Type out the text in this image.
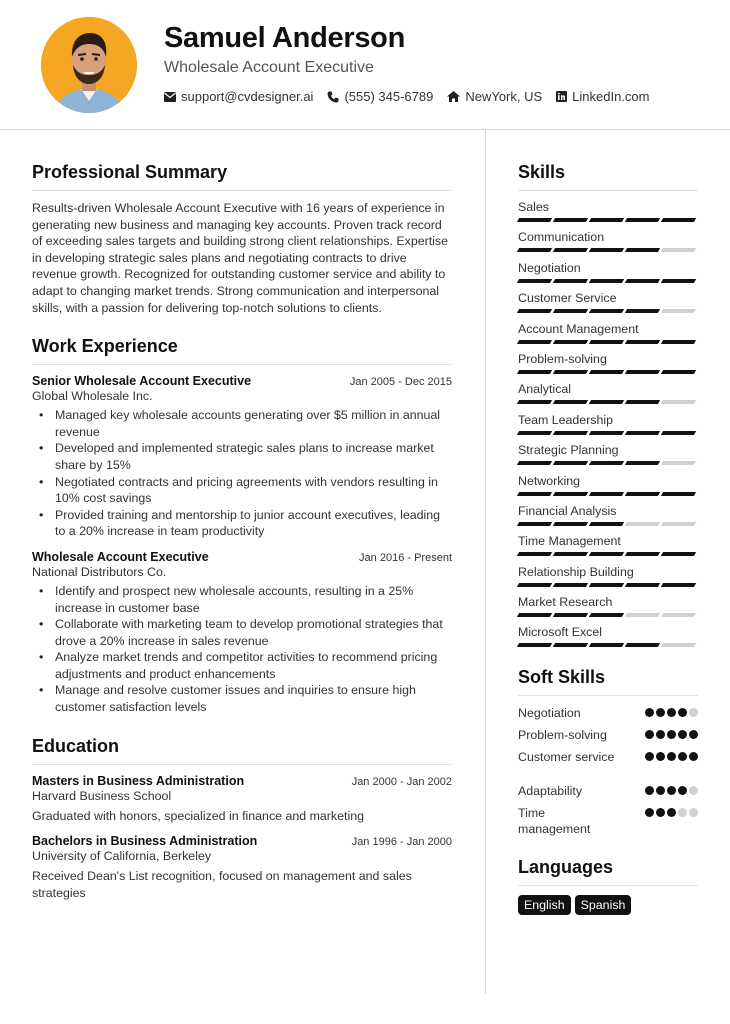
Samuel Anderson
Wholesale Account Executive
support@cvdesigner.ai (555) 345-6789 NewYork, US LinkedIn.com
Professional Summary
Results-driven Wholesale Account Executive with 16 years of experience in generating new business and managing key accounts. Proven track record of exceeding sales targets and building strong client relationships. Expertise in developing strategic sales plans and negotiating contracts to drive revenue growth. Recognized for outstanding customer service and ability to adapt to changing market trends. Strong communication and interpersonal skills, with a passion for delivering top-notch solutions to clients.
Work Experience
Senior Wholesale Account Executive	Jan 2005 - Dec 2015
Global Wholesale Inc.
• Managed key wholesale accounts generating over $5 million in annual revenue
• Developed and implemented strategic sales plans to increase market share by 15%
• Negotiated contracts and pricing agreements with vendors resulting in 10% cost savings
• Provided training and mentorship to junior account executives, leading to a 20% increase in team productivity
Wholesale Account Executive	Jan 2016 - Present
National Distributors Co.
• Identify and prospect new wholesale accounts, resulting in a 25% increase in customer base
• Collaborate with marketing team to develop promotional strategies that drove a 20% increase in sales revenue
• Analyze market trends and competitor activities to recommend pricing adjustments and product enhancements
• Manage and resolve customer issues and inquiries to ensure high customer satisfaction levels
Education
Masters in Business Administration	Jan 2000 - Jan 2002
Harvard Business School
Graduated with honors, specialized in finance and marketing
Bachelors in Business Administration	Jan 1996 - Jan 2000
University of California, Berkeley
Received Dean's List recognition, focused on management and sales strategies
Skills
Sales
Communication
Negotiation
Customer Service
Account Management
Problem-solving
Analytical
Team Leadership
Strategic Planning
Networking
Financial Analysis
Time Management
Relationship Building
Market Research
Microsoft Excel
Soft Skills
Negotiation
Problem-solving
Customer service
Adaptability
Time management
Languages
English	Spanish
